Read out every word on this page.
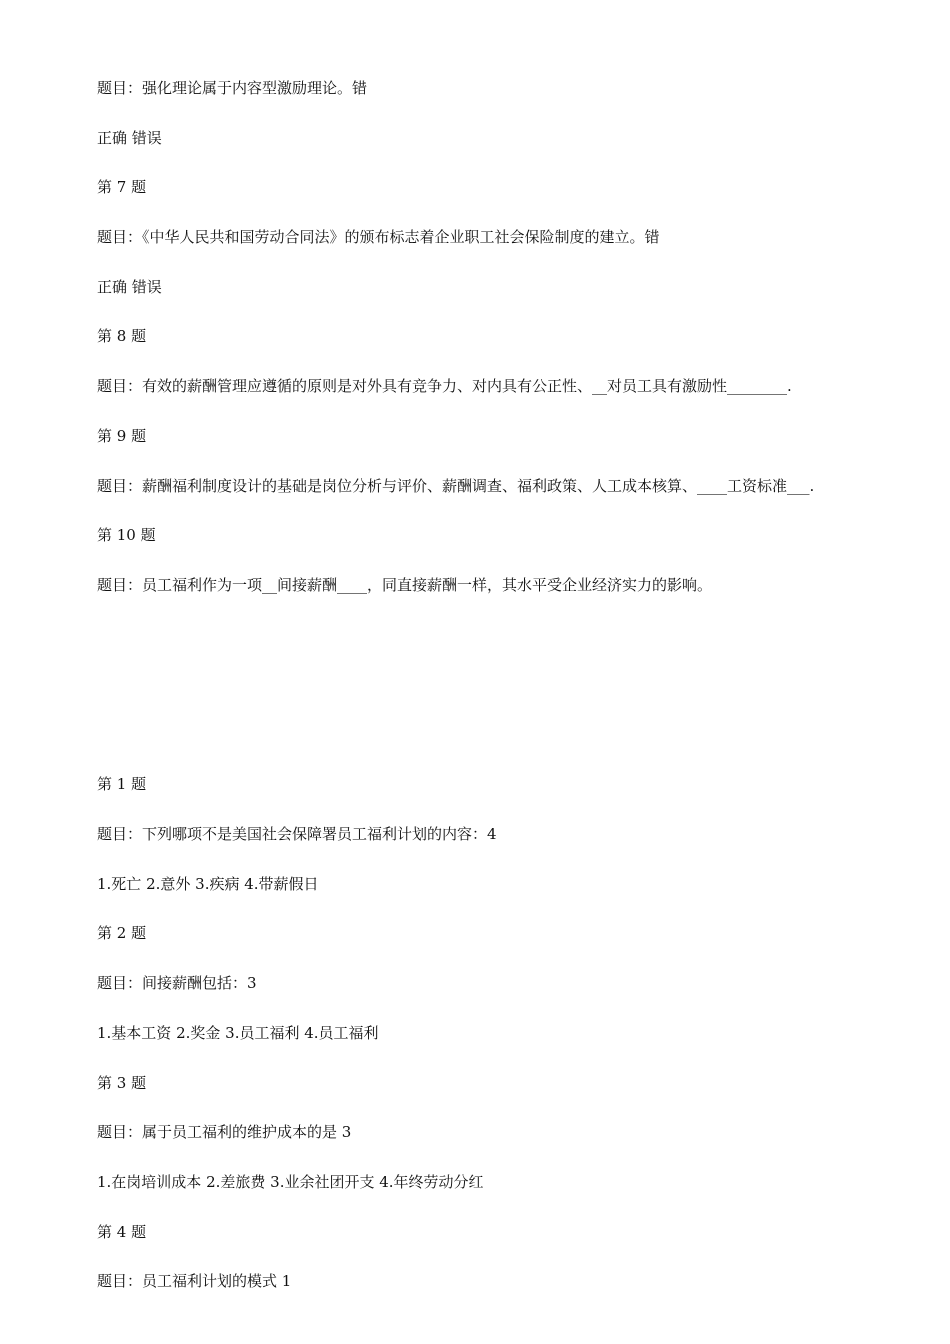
题目：强化理论属于内容型激励理论。错
正确 错误
第 7 题
题目：《中华人民共和国劳动合同法》的颁布标志着企业职工社会保险制度的建立。错
正确 错误
第 8 题
题目：有效的薪酬管理应遵循的原则是对外具有竞争力、对内具有公正性、__对员工具有激励性________.
第 9 题
题目：薪酬福利制度设计的基础是岗位分析与评价、薪酬调查、福利政策、人工成本核算、____工资标准___.
第 10 题
题目：员工福利作为一项__间接薪酬____，同直接薪酬一样，其水平受企业经济实力的影响。
第 1 题
题目：下列哪项不是美国社会保障署员工福利计划的内容：4
1.死亡 2.意外 3.疾病 4.带薪假日
第 2 题
题目：间接薪酬包括：3
1.基本工资 2.奖金 3.员工福利 4.员工福利
第 3 题
题目：属于员工福利的维护成本的是 3
1.在岗培训成本 2.差旅费 3.业余社团开支 4.年终劳动分红
第 4 题
题目：员工福利计划的模式 1
